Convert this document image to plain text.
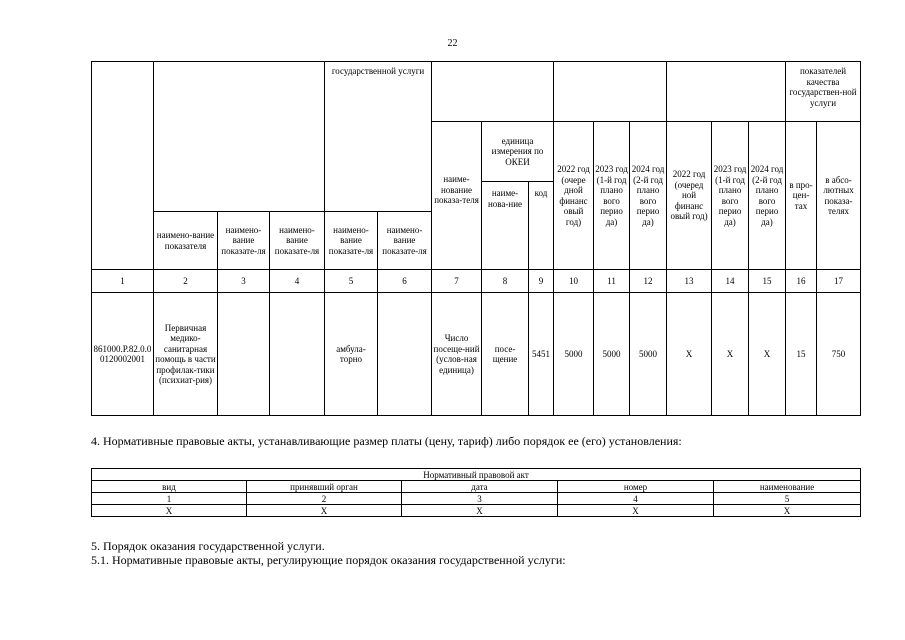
22
				государственной услуги											показателей качества государствен-ной услуги	
						наиме-нование показа-теля	единица измерения по ОКЕИ		2022 год (очере дной финанс овый год)	2023 год (1-й год плано вого перио да)	2024 год (2-й год плано вого перио да)	2022 год (очеред ной финанс овый год)	2023 год (1-й год плано вого перио да)	2024 год (2-й год плано вого перио да)	в про-цен-тах	в абсо-лютных показа-телях
							наиме-нова-ние	код								
	наимено-вание показателя	наимено-вание показате-ля	наимено-вание показате-ля	наимено-вание показате-ля	наимено-вание показате-ля											
1	2	3	4	5	6	7	8	9	10	11	12	13	14	15	16	17
861000.Р.82.0.00120002001	Первичная медико-санитарная помощь в части профилак-тики (психиат-рия)			амбула-торно		Число посеще-ний (услов-ная единица)	посе-щение	5451	5000	5000	5000	Х	Х	Х	15	750
4. Нормативные правовые акты, устанавливающие размер платы (цену, тариф) либо порядок ее (его) установления:
Нормативный правовой акт				
вид	принявший орган	дата	номер	наименование
1	2	3	4	5
Х	Х	Х	Х	Х
5. Порядок оказания государственной услуги.
5.1. Нормативные правовые акты, регулирующие порядок оказания государственной услуги:
